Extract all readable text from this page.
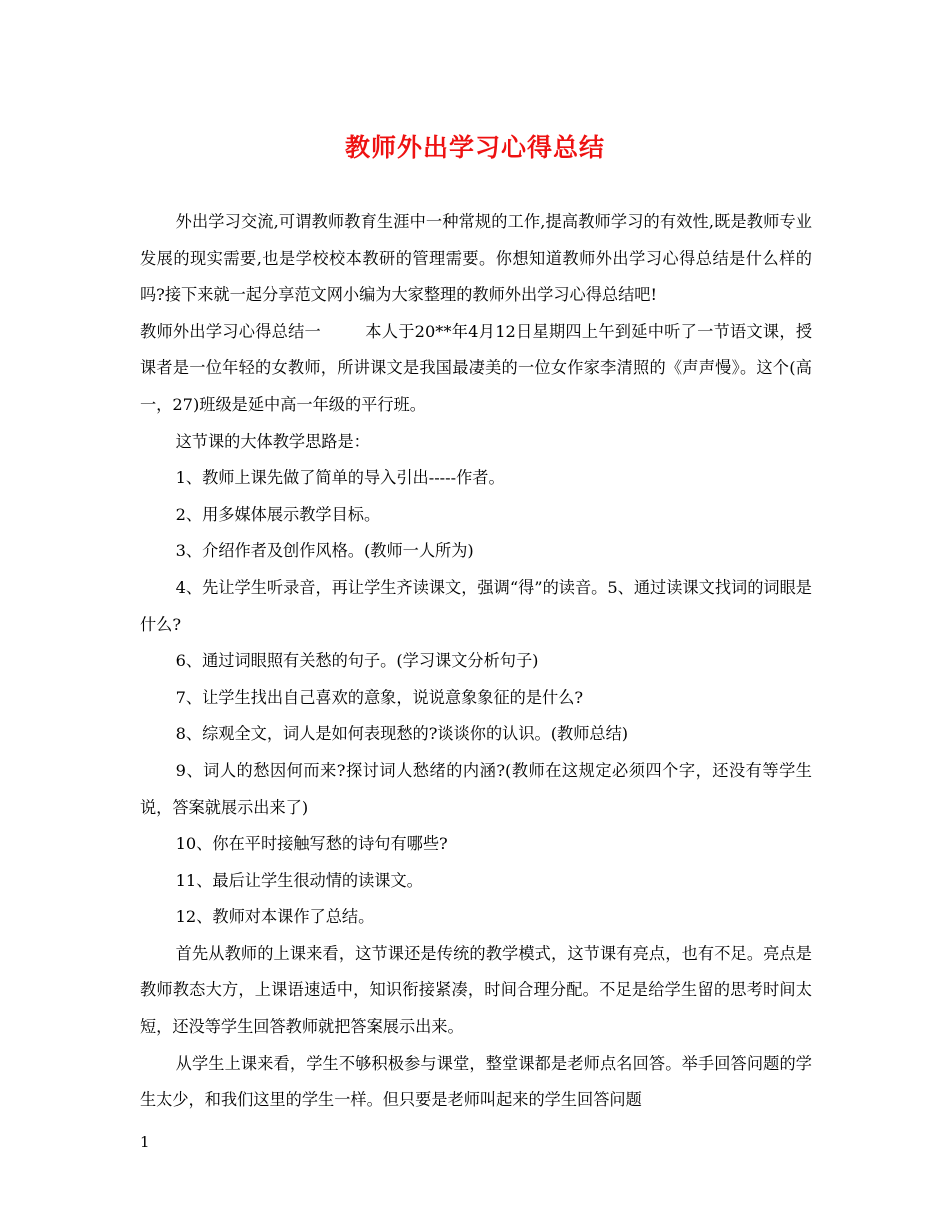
教师外出学习心得总结

外出学习交流,可谓教师教育生涯中一种常规的工作,提高教师学习的有效性,既是教师专业发展的现实需要,也是学校校本教研的管理需要。你想知道教师外出学习心得总结是什么样的吗?接下来就一起分享范文网小编为大家整理的教师外出学习心得总结吧!

教师外出学习心得总结一	本人于20**年4月12日星期四上午到延中听了一节语文课，授课者是一位年轻的女教师，所讲课文是我国最凄美的一位女作家李清照的《声声慢》。这个(高一，27)班级是延中高一年级的平行班。

这节课的大体教学思路是：

1、教师上课先做了简单的导入引出-----作者。

2、用多媒体展示教学目标。

3、介绍作者及创作风格。(教师一人所为)

4、先让学生听录音，再让学生齐读课文，强调“得”的读音。5、通过读课文找词的词眼是什么?

6、通过词眼照有关愁的句子。(学习课文分析句子)

7、让学生找出自己喜欢的意象，说说意象象征的是什么?

8、综观全文，词人是如何表现愁的?谈谈你的认识。(教师总结)

9、词人的愁因何而来?探讨词人愁绪的内涵?(教师在这规定必须四个字，还没有等学生说，答案就展示出来了)

10、你在平时接触写愁的诗句有哪些?

11、最后让学生很动情的读课文。

12、教师对本课作了总结。

首先从教师的上课来看，这节课还是传统的教学模式，这节课有亮点，也有不足。亮点是教师教态大方，上课语速适中，知识衔接紧凑，时间合理分配。不足是给学生留的思考时间太短，还没等学生回答教师就把答案展示出来。

从学生上课来看，学生不够积极参与课堂，整堂课都是老师点名回答。举手回答问题的学生太少，和我们这里的学生一样。但只要是老师叫起来的学生回答问题

1
